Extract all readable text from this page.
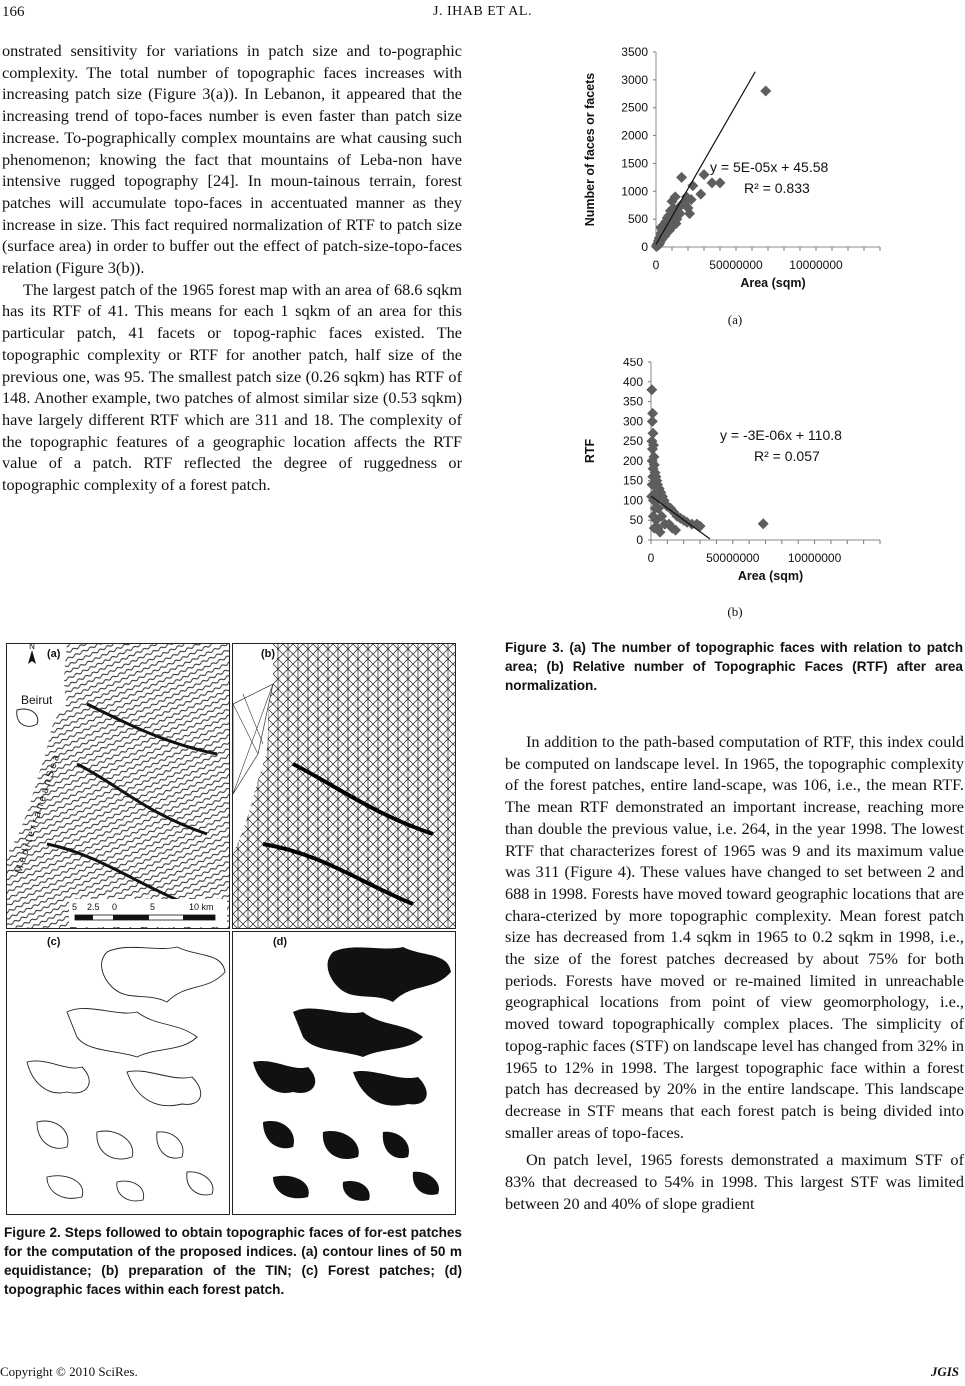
166	J. IHAB ET AL.

onstrated sensitivity for variations in patch size and to-pographic complexity. The total number of topographic faces increases with increasing patch size (Figure 3(a)). In Lebanon, it appeared that the increasing trend of topo-faces number is even faster than patch size increase. To-pographically complex mountains are what causing such phenomenon; knowing the fact that mountains of Leba-non have intensive rugged topography [24]. In moun-tainous terrain, forest patches will accumulate topo-faces in accentuated manner as they increase in size. This fact required normalization of RTF to patch size (surface area) in order to buffer out the effect of patch-size-topo-faces relation (Figure 3(b)).

The largest patch of the 1965 forest map with an area of 68.6 sqkm has its RTF of 41. This means for each 1 sqkm of an area for this particular patch, 41 facets or topog-raphic faces existed. The topographic complexity or RTF for another patch, half size of the previous one, was 95. The smallest patch size (0.26 sqkm) has RTF of 148. Another example, two patches of almost similar size (0.53 sqkm) have largely different RTF which are 311 and 18. The complexity of the topographic features of a geographic location affects the RTF value of a patch. RTF reflected the degree of ruggedness or topographic complexity of a forest patch.

0
500
1000
1500
2000
2500
3000
3500
0	50000000 10000000
y = 5E-05x + 45.58
R² = 0.833
Area (sqm)
Number of faces or facets
(a)
0
50
100
150
200
250
300
350
400
450
0	50000000 10000000
y = -3E-06x + 110.8
R² = 0.057
Area (sqm)
RTF
(b)
Figure 3. (a) The number of topographic faces with relation to patch area; (b) Relative number of Topographic Faces (RTF) after area normalization.
N
M e d i t e r r a n e a n S e a
Beirut
5 2.5 0	5	10 km
(a)	(b)
(c)	(d)
Figure 2. Steps followed to obtain topographic faces of for-est patches for the computation of the proposed indices. (a) contour lines of 50 m equidistance; (b) preparation of the TIN; (c) Forest patches; (d) topographic faces within each forest patch.

In addition to the path-based computation of RTF, this index could be computed on landscape level. In 1965, the topographic complexity of the forest patches, entire land-scape, was 106, i.e., the mean RTF. The mean RTF demonstrated an important increase, reaching more than double the previous value, i.e. 264, in the year 1998. The lowest RTF that characterizes forest of 1965 was 9 and its maximum value was 311 (Figure 4). These values have changed to set between 2 and 688 in 1998. Forests have moved toward geographic locations that are chara-cterized by more topographic complexity. Mean forest patch size has decreased from 1.4 sqkm in 1965 to 0.2 sqkm in 1998, i.e., the size of the forest patches decreased by about 75% for both periods. Forests have moved or re-mained limited in unreachable geographical locations from point of view geomorphology, i.e., moved toward topographically complex places. The simplicity of topog-raphic faces (STF) on landscape level has changed from 32% in 1965 to 12% in 1998. The largest topographic face within a forest patch has decreased by 20% in the entire landscape. This landscape decrease in STF means that each forest patch is being divided into smaller areas of topo-faces.

On patch level, 1965 forests demonstrated a maximum STF of 83% that decreased to 54% in 1998. This largest STF was limited between 20 and 40% of slope gradient

Copyright © 2010 SciRes.	JGIS
